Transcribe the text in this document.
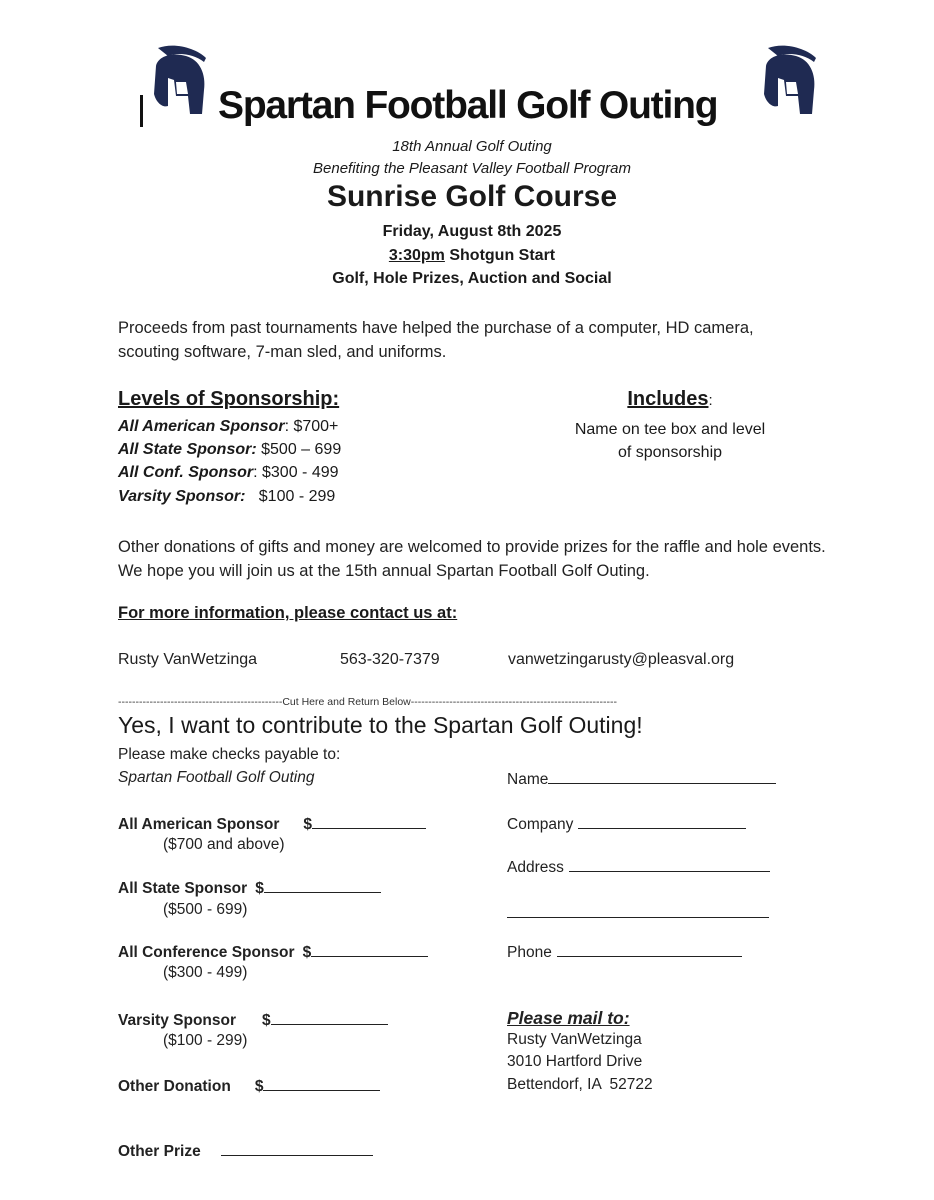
Spartan Football Golf Outing
18th Annual Golf Outing
Benefiting the Pleasant Valley Football Program
Sunrise Golf Course
Friday, August 8th 2025
3:30pm Shotgun Start
Golf, Hole Prizes, Auction and Social
Proceeds from past tournaments have helped the purchase of a computer, HD camera, scouting software, 7-man sled, and uniforms.
Levels of Sponsorship:
All American Sponsor: $700+
All State Sponsor: $500 – 699
All Conf. Sponsor: $300 - 499
Varsity Sponsor:   $100 - 299
Includes:
Name on tee box and level
of sponsorship
Other donations of gifts and money are welcomed to provide prizes for the raffle and hole events. We hope you will join us at the 15th annual Spartan Football Golf Outing.
For more information, please contact us at:
Rusty VanWetzinga	563-320-7379	vanwetzingarusty@pleasval.org
-----------------------------------------------Cut Here and Return Below-----------------------------------------------------------
Yes, I want to contribute to the Spartan Golf Outing!
Please make checks payable to:
Spartan Football Golf Outing
All American Sponsor $
($700 and above)
All State Sponsor $
($500 - 699)
All Conference Sponsor $
($300 - 499)
Varsity Sponsor $
($100 - 299)
Other Donation $
Other Prize
Name
Company
Address
Phone
Please mail to:
Rusty VanWetzinga
3010 Hartford Drive
Bettendorf, IA  52722
